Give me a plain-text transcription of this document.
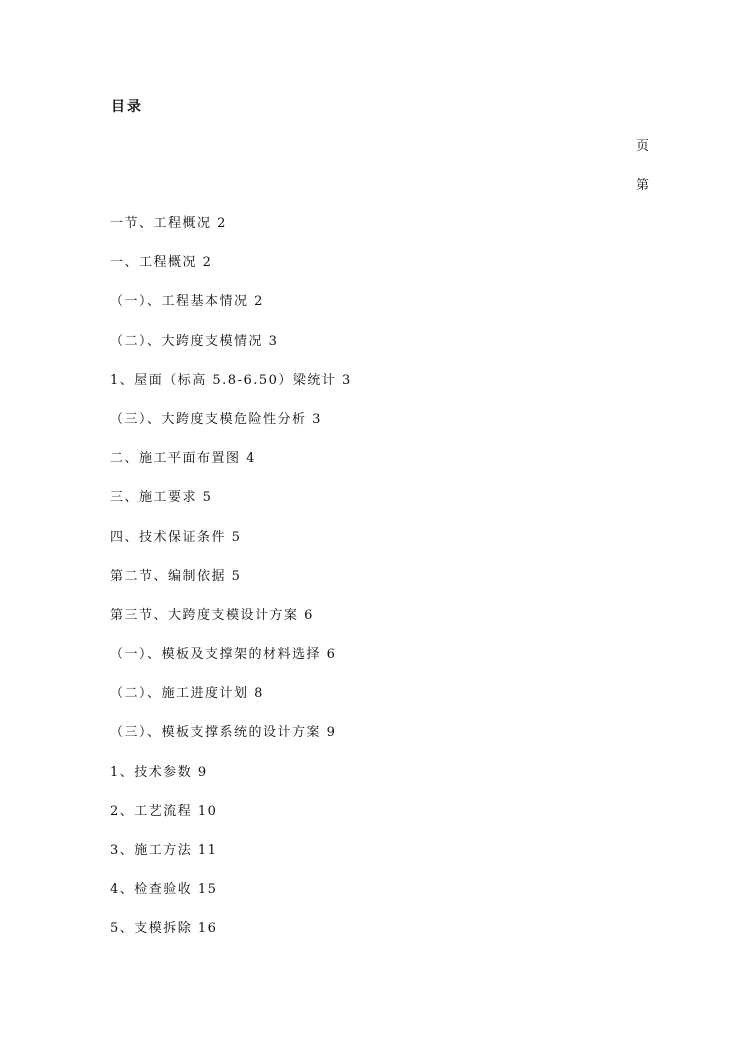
目录
页
第
一节、工程概况 2
一、工程概况 2
（一）、工程基本情况 2
（二）、大跨度支模情况 3
1、屋面（标高 5.8-6.50）梁统计 3
（三）、大跨度支模危险性分析 3
二、施工平面布置图 4
三、施工要求 5
四、技术保证条件 5
第二节、编制依据 5
第三节、大跨度支模设计方案 6
（一）、模板及支撑架的材料选择 6
（二）、施工进度计划 8
（三）、模板支撑系统的设计方案 9
1、技术参数 9
2、工艺流程 10
3、施工方法 11
4、检查验收 15
5、支模拆除 16
